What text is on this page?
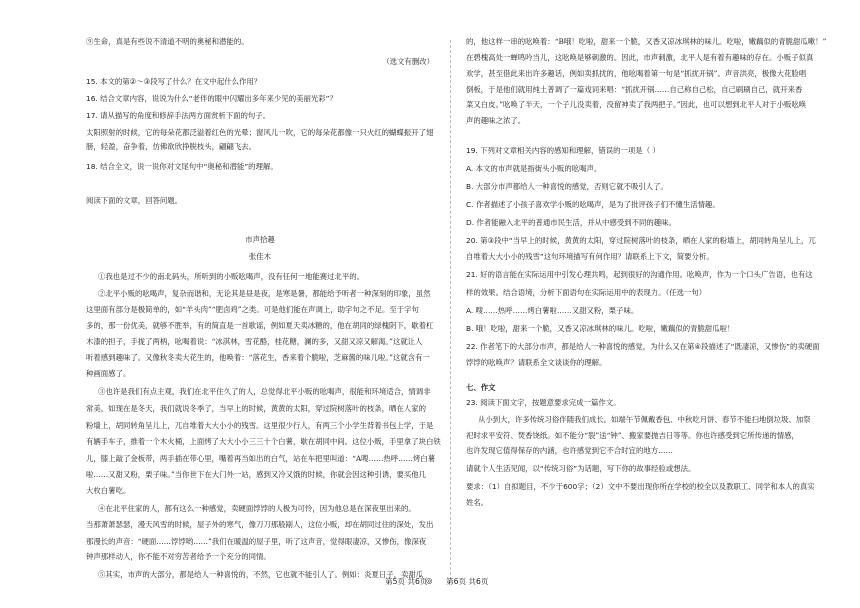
⑨生命，真是有些说不清道不明的奥秘和潜能的。
（选文有删改）
15. 本文的第②～③段写了什么？在文中起什么作用？
16. 结合文章内容，说说为什么“老伴的眼中闪耀出多年来少见的美丽光彩”？
17. 请从描写的角度和修辞手法两方面赏析下面的句子。
太阳照射的时候，它的每朵花都泛溢着红色的光晕；窗风儿一吹，它的每朵花都像一只火红的蝴蝶振开了翅
膀，轻盈，奋争着，仿佛欲欣挣脱枝头，翩翩飞去。
18. 结合全文，说一说你对文尾句中“奥秘和潜能”的理解。
阅读下面的文章，回答问题。
市声拾趣
张佳木
①我也是过不少的南北码头，所听到的小贩吆喝声，没有任何一地能赛过北平的。
②北平小贩的吆喝声，复杂而谐和，无论其是昼是夜，是寒是暑，都能给予听者一种深刻的印象，虽然
这里面有部分是极简单的，如“羊头肉”“肥卤鸡”之类。可是他们能在声调上，助字句之不足。至于字句
多的，那一份优美，就够不胜举，有的简直是一首歌谣，例如夏天卖冰糖的，他在胡同的绿槐阴下，歇着杠
木漆的担子，手拢了两柄，吆喝着说：“冰淇林，雪花酪，桂花糖，澜的多，又甜又凉又解渴。”这就让人
听着感到趣味了。又像秋冬卖大花生的，他唤着：“落花生，香来着个脆啦，芝麻酱的味儿啦。”这就含有一
种画面感了。
③也许是我们有点主观，我们在北平住久了的人，总觉得北平小贩的吆喝声，很能和环境适合，情调非
常美。如现在是冬天，我们就说冬季了，当早上的时候，黄黄的太阳，穿过院树落叶的枝条，晒在人家的
粉墙上，胡同转角呈儿上，兀自堆着大大小小的残雪。这里很少行人，有两三个小学生背着书包上学，于是
有辆手车子，推着一个木火桶，上面烤了大大小小三三十个白薯，歇在胡同中间。这位小贩，手里拿了块白铁
儿，膝上敲了金板带，两手插在带心里，嘴着再当如出的白气，站在车把里叫道：“A嗖……热呼……烤白薯
啦……又甜又粉，栗子味。”当你世下在大门外一站，感到又冷又饿的时候，你就会因这种引诱，要买他几
大枚白薯吃。
④在北平住家的人，都有这么一种感觉，卖硬面饽饽的人极为可怜，因为他总是在深夜里出来的。
当那萧萧瑟瑟，漫天风雪的时候，屋子外的寒气，像刀刀那般剐人，这位小贩，却在胡同过住的深处，发出
那漫长的声音：“硬面……饽饽哟……”我们在暖温的屋子里，听了这声音，觉得眼凄凉，又惨伤，像深夜
钟声那样动人，你不能不对穷苦者给予一个充分的同情。
⑤其实，市声的大部分，都是给人一种喜悦的，不然，它也就不能引人了。例如：炎夏日子，卖甜瓜
的，他这样一串的吆唤着：“B哦！吃啦，甜来一个脆，又香又凉冰琪林的味儿。吃啦，嫩藕似的青脆甜瓜嗽！”
在碧槐高处一蝉鸣吟当儿，这吆唤是够刺激的。因此，市声刺激，北平人是有着有趣味的存在。小贩子似真
欢学，甚至借此来出许多趣话，例如卖抓扰的，他吆喝着第一句是“抓扰开锅”。声音洪亮，极像大花脸唱
倒板，于是他们就用纯土普调了一篇戏词来唱：“抓扰开锅……自己称自己松，自己刷刷自己，就开来香
菜又白皮。”吆唤了半天，一个子儿没卖着，没留神卖了我两把子。”因此，也可以想到北平人对于小贩吆唤
声的趣味之浓了。
19. 下列对文章相关内容的感知和理解，错误的一项是（ ）
A. 本文的市声就是指街头小贩的吆喝声。
B. 大部分市声都给人一种喜悦的感觉，否则它就不吸引人了。
C. 作者描述了小孩子喜欢学小贩的吆喝声，是为了批评孩子们不懂生活情趣。
D. 作者能融入北平的普通市民生活，并从中感受到不同的趣味。
20. 第③段中“当早上的时候，黄黄的太阳，穿过院树落叶的枝条，晒在人家的粉墙上，胡同转角呈儿上，兀
自堆着大大小小的残雪”这句环境描写有何作用？请联系上下文，简要分析。
21. 好的语言能在实际运用中引发心理共鸣，起到很好的沟通作用。吆唤声，作为一个口头广告语，也有这
样的效果。结合语境，分析下面语句在实际运用中的表现力。（任选一句）
A. 嗖……热呼……烤白薯啦……又甜又粉，栗子味。
B. 哦！吃啦，甜来一个脆，又香又凉冰琪林的味儿。吃啦，嫩藕似的青脆甜瓜啦！
22. 作者笔下的大部分市声，都是给人一种喜悦的感觉，为什么又在第④段描述了“既凄凉，又惨伤”的卖硬面
饽饽的吆唤声？请联系全文谈谈你的理解。
七、作文
23. 阅读下面文字，按题意要求完成一篇作文。
从小到大，许多传统习俗伴随我们成长。如端午节佩戴香包、中秋吃月饼、春节不能扫地倒垃圾、加祭
祀时求平安符、焚香饶纸。如不能分“裂”送“钟”、搬家要抛吉日等等。你也许感受到它所传递的情感，
也许发现它值得保存的内涵，也许感觉到它不合时宜的地方……
请就个人生活见闻，以“传统习俗”为话题，写下你的故事经验或想法。
要求：（1）自拟题目，不少于600字；（2）文中不要出现你所在学校的校全以及教职工、同学和本人的真实
姓名。
第5页 共6页
◎ 第6页 共6页
